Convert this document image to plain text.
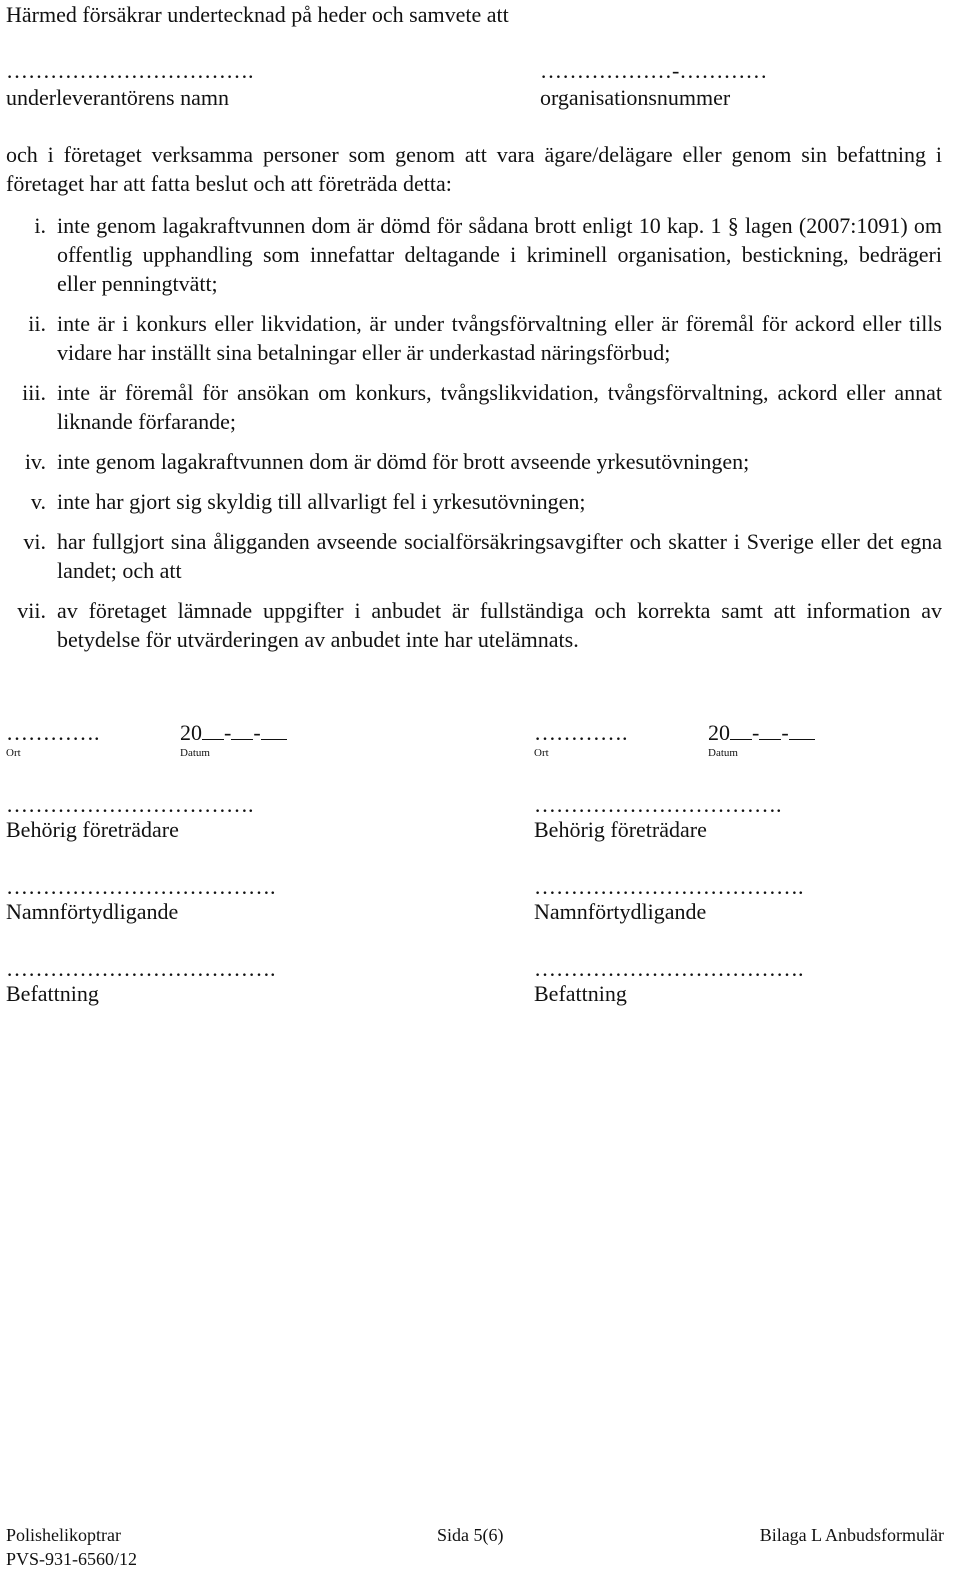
Härmed försäkrar undertecknad på heder och samvete att
…………………………….
underleverantörens namn
………………-…………
organisationsnummer
och i företaget verksamma personer som genom att vara ägare/delägare eller genom sin befattning i företaget har att fatta beslut och att företräda detta:
i. inte genom lagakraftvunnen dom är dömd för sådana brott enligt 10 kap. 1 § lagen (2007:1091) om offentlig upphandling som innefattar deltagande i kriminell organisation, bestickning, bedrägeri eller penningtvätt;
ii. inte är i konkurs eller likvidation, är under tvångsförvaltning eller är föremål för ackord eller tills vidare har inställt sina betalningar eller är underkastad näringsförbud;
iii. inte är föremål för ansökan om konkurs, tvångslikvidation, tvångsförvaltning, ackord eller annat liknande förfarande;
iv. inte genom lagakraftvunnen dom är dömd för brott avseende yrkesutövningen;
v. inte har gjort sig skyldig till allvarligt fel i yrkesutövningen;
vi. har fullgjort sina åligganden avseende socialförsäkringsavgifter och skatter i Sverige eller det egna landet; och att
vii. av företaget lämnade uppgifter i anbudet är fullständiga och korrekta samt att information av betydelse för utvärderingen av anbudet inte har utelämnats.
………….	20 - -
Ort	Datum
…………………………….
Behörig företrädare
……………………………….
Namnförtydligande
……………………………….
Befattning
………….	20 - -
Ort	Datum
…………………………….
Behörig företrädare
……………………………….
Namnförtydligande
……………………………….
Befattning
Polishelikoptrar	Sida 5(6)	Bilaga L Anbudsformulär
PVS-931-6560/12
